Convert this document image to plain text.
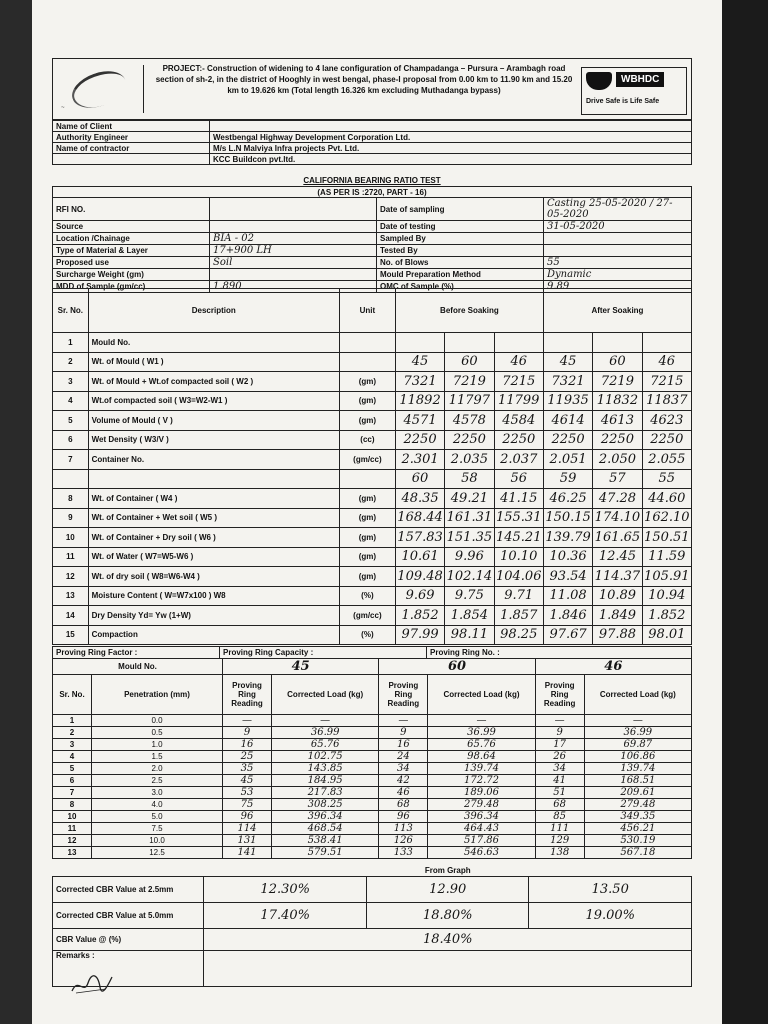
~
PROJECT:- Construction of widening to 4 lane configuration of Champadanga – Pursura – Arambagh road section of sh-2, in the district of Hooghly in west bengal, phase-I proposal from 0.00 km to 11.90 km and 15.20 km to 19.626 km (Total length 16.326 km excluding Muthadanga bypass)
WBHDC
Drive Safe is Life Safe
Name of Client	
Authority Engineer	Westbengal Highway Development Corporation Ltd.
Name of contractor	M/s L.N Malviya Infra projects Pvt. Ltd.
	KCC Buildcon pvt.ltd.
CALIFORNIA BEARING RATIO TEST
(AS PER IS :2720, PART - 16)			
RFI NO.		Date of sampling	Casting 25-05-2020 / 27-05-2020
Source		Date of testing	31-05-2020
Location /Chainage	BIA - 02	Sampled By	
Type of Material & Layer	17+900 LH	Tested By	
Proposed use	Soil	No. of Blows	55
Surcharge Weight (gm)		Mould Preparation Method	Dynamic
MDD of Sample (gm/cc)	1.890	OMC of Sample (%)	9.89
Sr. No.	Description	Unit	Before Soaking			After Soaking		
1	Mould No.							
2	Wt. of Mould ( W1 )		45	60	46	45	60	46
3	Wt. of Mould + Wt.of compacted soil ( W2 )	(gm)	7321	7219	7215	7321	7219	7215
4	Wt.of compacted soil ( W3=W2-W1 )	(gm)	11892	11797	11799	11935	11832	11837
5	Volume of Mould ( V )	(gm)	4571	4578	4584	4614	4613	4623
6	Wet Density ( W3/V )	(cc)	2250	2250	2250	2250	2250	2250
7	Container No.	(gm/cc)	2.301	2.035	2.037	2.051	2.050	2.055
			60	58	56	59	57	55
8	Wt. of Container ( W4 )	(gm)	48.35	49.21	41.15	46.25	47.28	44.60
9	Wt. of Container + Wet soil ( W5 )	(gm)	168.44	161.31	155.31	150.15	174.10	162.10
10	Wt. of Container + Dry soil ( W6 )	(gm)	157.83	151.35	145.21	139.79	161.65	150.51
11	Wt. of Water ( W7=W5-W6 )	(gm)	10.61	9.96	10.10	10.36	12.45	11.59
12	Wt. of dry soil ( W8=W6-W4 )	(gm)	109.48	102.14	104.06	93.54	114.37	105.91
13	Moisture Content ( W=W7x100 ) W8	(%)	9.69	9.75	9.71	11.08	10.89	10.94
14	Dry Density Yd= Yw (1+W)	(gm/cc)	1.852	1.854	1.857	1.846	1.849	1.852
15	Compaction	(%)	97.99	98.11	98.25	97.67	97.88	98.01
Proving Ring Factor :	Proving Ring Capacity :	Proving Ring No. :
Mould No.		45		60		46	
Sr. No.	Penetration (mm)	Proving Ring Reading	Corrected Load (kg)	Proving Ring Reading	Corrected Load (kg)	Proving Ring Reading	Corrected Load (kg)
1	0.0	—	—	—	—	—	—
2	0.5	9	36.99	9	36.99	9	36.99
3	1.0	16	65.76	16	65.76	17	69.87
4	1.5	25	102.75	24	98.64	26	106.86
5	2.0	35	143.85	34	139.74	34	139.74
6	2.5	45	184.95	42	172.72	41	168.51
7	3.0	53	217.83	46	189.06	51	209.61
8	4.0	75	308.25	68	279.48	68	279.48
10	5.0	96	396.34	96	396.34	85	349.35
11	7.5	114	468.54	113	464.43	111	456.21
12	10.0	131	538.41	126	517.86	129	530.19
13	12.5	141	579.51	133	546.63	138	567.18
	From Graph		
Corrected CBR Value at 2.5mm	12.30%	12.90	13.50
Corrected CBR Value at 5.0mm	17.40%	18.80%	19.00%
CBR Value @ (%)	18.40%		
Remarks :			
